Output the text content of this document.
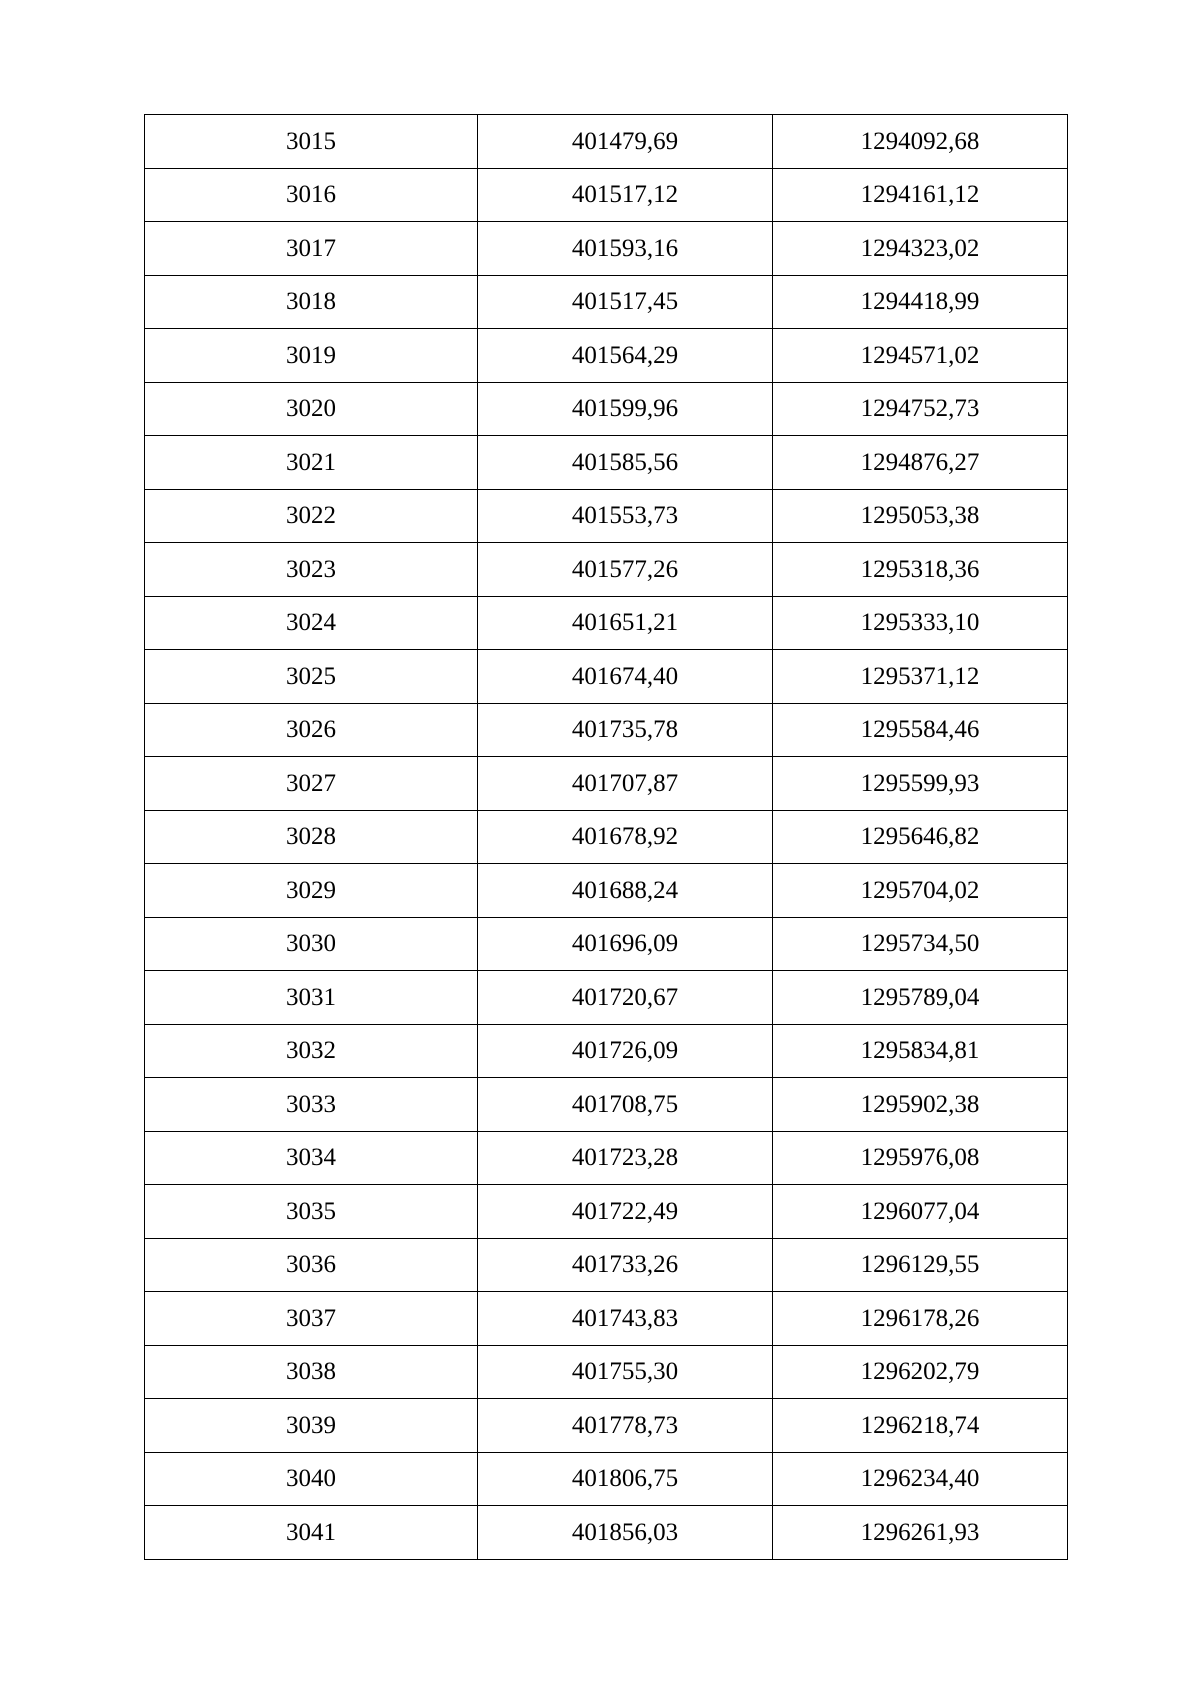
3015	401479,69	1294092,68
3016	401517,12	1294161,12
3017	401593,16	1294323,02
3018	401517,45	1294418,99
3019	401564,29	1294571,02
3020	401599,96	1294752,73
3021	401585,56	1294876,27
3022	401553,73	1295053,38
3023	401577,26	1295318,36
3024	401651,21	1295333,10
3025	401674,40	1295371,12
3026	401735,78	1295584,46
3027	401707,87	1295599,93
3028	401678,92	1295646,82
3029	401688,24	1295704,02
3030	401696,09	1295734,50
3031	401720,67	1295789,04
3032	401726,09	1295834,81
3033	401708,75	1295902,38
3034	401723,28	1295976,08
3035	401722,49	1296077,04
3036	401733,26	1296129,55
3037	401743,83	1296178,26
3038	401755,30	1296202,79
3039	401778,73	1296218,74
3040	401806,75	1296234,40
3041	401856,03	1296261,93
